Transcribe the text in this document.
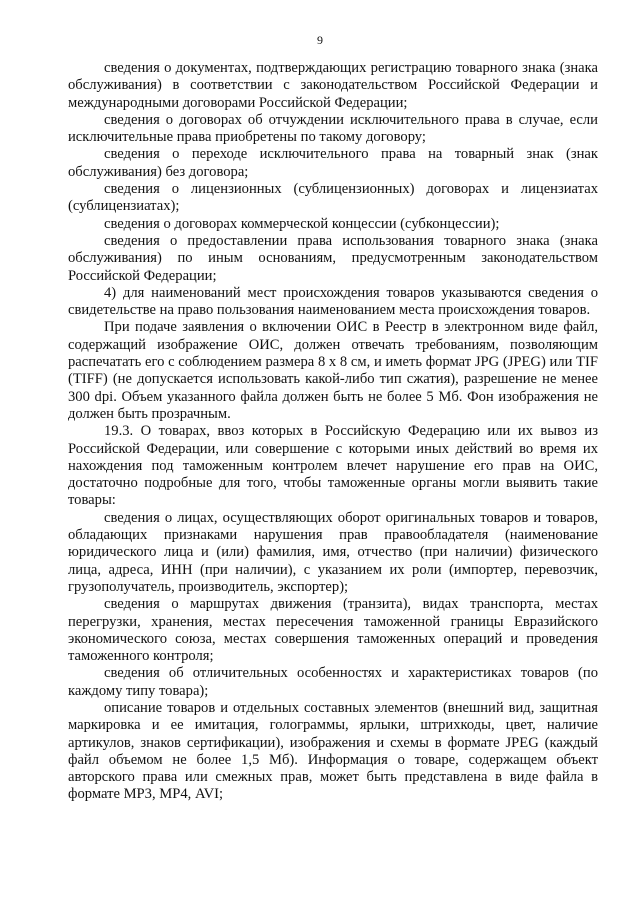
9

сведения о документах, подтверждающих регистрацию товарного знака (знака обслуживания) в соответствии с законодательством Российской Федерации и международными договорами Российской Федерации;

сведения о договорах об отчуждении исключительного права в случае, если исключительные права приобретены по такому договору;

сведения о переходе исключительного права на товарный знак (знак обслуживания) без договора;

сведения о лицензионных (сублицензионных) договорах и лицензиатах (сублицензиатах);

сведения о договорах коммерческой концессии (субконцессии);

сведения о предоставлении права использования товарного знака (знака обслуживания) по иным основаниям, предусмотренным законодательством Российской Федерации;

4) для наименований мест происхождения товаров указываются сведения о свидетельстве на право пользования наименованием места происхождения товаров.

При подаче заявления о включении ОИС в Реестр в электронном виде файл, содержащий изображение ОИС, должен отвечать требованиям, позволяющим распечатать его с соблюдением размера 8 х 8 см, и иметь формат JPG (JPEG) или TIF (TIFF) (не допускается использовать какой-либо тип сжатия), разрешение не менее 300 dpi. Объем указанного файла должен быть не более 5 Мб. Фон изображения не должен быть прозрачным.

19.3. О товарах, ввоз которых в Российскую Федерацию или их вывоз из Российской Федерации, или совершение с которыми иных действий во время их нахождения под таможенным контролем влечет нарушение его прав на ОИС, достаточно подробные для того, чтобы таможенные органы могли выявить такие товары:

сведения о лицах, осуществляющих оборот оригинальных товаров и товаров, обладающих признаками нарушения прав правообладателя (наименование юридического лица и (или) фамилия, имя, отчество (при наличии) физического лица, адреса, ИНН (при наличии), с указанием их роли (импортер, перевозчик, грузополучатель, производитель, экспортер);

сведения о маршрутах движения (транзита), видах транспорта, местах перегрузки, хранения, местах пересечения таможенной границы Евразийского экономического союза, местах совершения таможенных операций и проведения таможенного контроля;

сведения об отличительных особенностях и характеристиках товаров (по каждому типу товара);

описание товаров и отдельных составных элементов (внешний вид, защитная маркировка и ее имитация, голограммы, ярлыки, штрихкоды, цвет, наличие артикулов, знаков сертификации), изображения и схемы в формате JPEG (каждый файл объемом не более 1,5 Мб). Информация о товаре, содержащем объект авторского права или смежных прав, может быть представлена в виде файла в формате МР3, МР4, AVI;
